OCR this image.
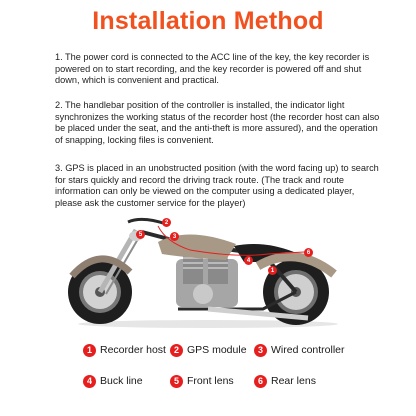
Installation Method
1. The power cord is connected to the ACC line of the key, the key recorder is powered on to start recording, and the key recorder is powered off and shut down, which is convenient and practical.
2. The handlebar position of the controller is installed, the indicator light synchronizes the working status of the recorder host (the recorder host can also be placed under the seat, and the anti-theft is more assured), and the operation of snapping, locking files is convenient.
3. GPS is placed in an unobstructed position (with the word facing up) to search for stars quickly and record the driving track route. (The track and route information can only be viewed on the computer using a dedicated player, please ask the customer service for the player)
5
2
3
4
1
6
1 Recorder host 2 GPS module	3 Wired controller
4 Buck line	5 Front lens	6 Rear lens
